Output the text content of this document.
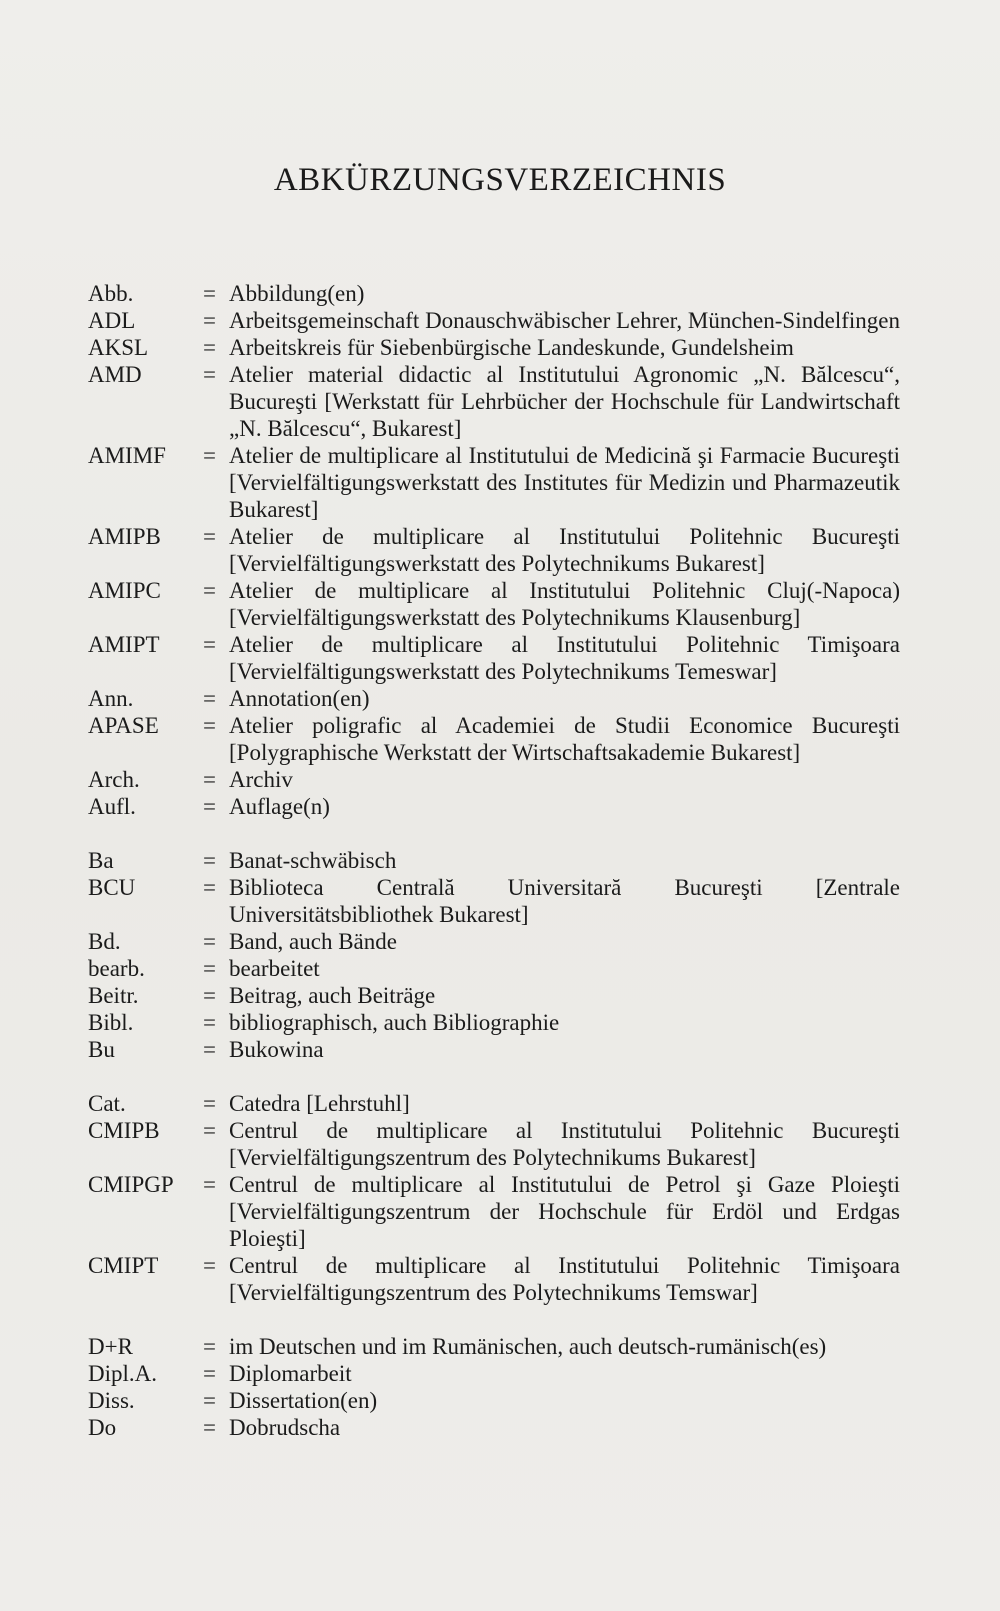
ABKÜRZUNGSVERZEICHNIS
Abb.	= Abbildung(en)
ADL	= Arbeitsgemeinschaft Donauschwäbischer Lehrer, München-Sindelfingen
AKSL	= Arbeitskreis für Siebenbürgische Landeskunde, Gundelsheim
AMD	= Atelier material didactic al Institutului Agronomic „N. Bălcescu“, Bucureşti [Werkstatt für Lehrbücher der Hochschule für Landwirtschaft „N. Bălcescu“, Bukarest]
AMIMF	= Atelier de multiplicare al Institutului de Medicină şi Farmacie Bucureşti [Vervielfältigungswerkstatt des Institutes für Medizin und Pharmazeutik Bukarest]
AMIPB	= Atelier de multiplicare al Institutului Politehnic Bucureşti [Vervielfältigungswerkstatt des Polytechnikums Bukarest]
AMIPC	= Atelier de multiplicare al Institutului Politehnic Cluj(-Napoca) [Vervielfältigungswerkstatt des Polytechnikums Klausenburg]
AMIPT	= Atelier de multiplicare al Institutului Politehnic Timişoara [Vervielfältigungswerkstatt des Polytechnikums Temeswar]
Ann.	= Annotation(en)
APASE	= Atelier poligrafic al Academiei de Studii Economice Bucureşti [Polygraphische Werkstatt der Wirtschaftsakademie Bukarest]
Arch.	= Archiv
Aufl.	= Auflage(n)
Ba	= Banat-schwäbisch
BCU	= Biblioteca Centrală Universitară Bucureşti [Zentrale Universitätsbibliothek Bukarest]
Bd.	= Band, auch Bände
bearb.	= bearbeitet
Beitr.	= Beitrag, auch Beiträge
Bibl.	= bibliographisch, auch Bibliographie
Bu	= Bukowina
Cat.	= Catedra [Lehrstuhl]
CMIPB	= Centrul de multiplicare al Institutului Politehnic Bucureşti [Vervielfältigungszentrum des Polytechnikums Bukarest]
CMIPGP	= Centrul de multiplicare al Institutului de Petrol şi Gaze Ploieşti [Vervielfältigungszentrum der Hochschule für Erdöl und Erdgas Ploieşti]
CMIPT	= Centrul de multiplicare al Institutului Politehnic Timişoara [Vervielfältigungszentrum des Polytechnikums Temswar]
D+R	= im Deutschen und im Rumänischen, auch deutsch-rumänisch(es)
Dipl.A.	= Diplomarbeit
Diss.	= Dissertation(en)
Do	= Dobrudscha
